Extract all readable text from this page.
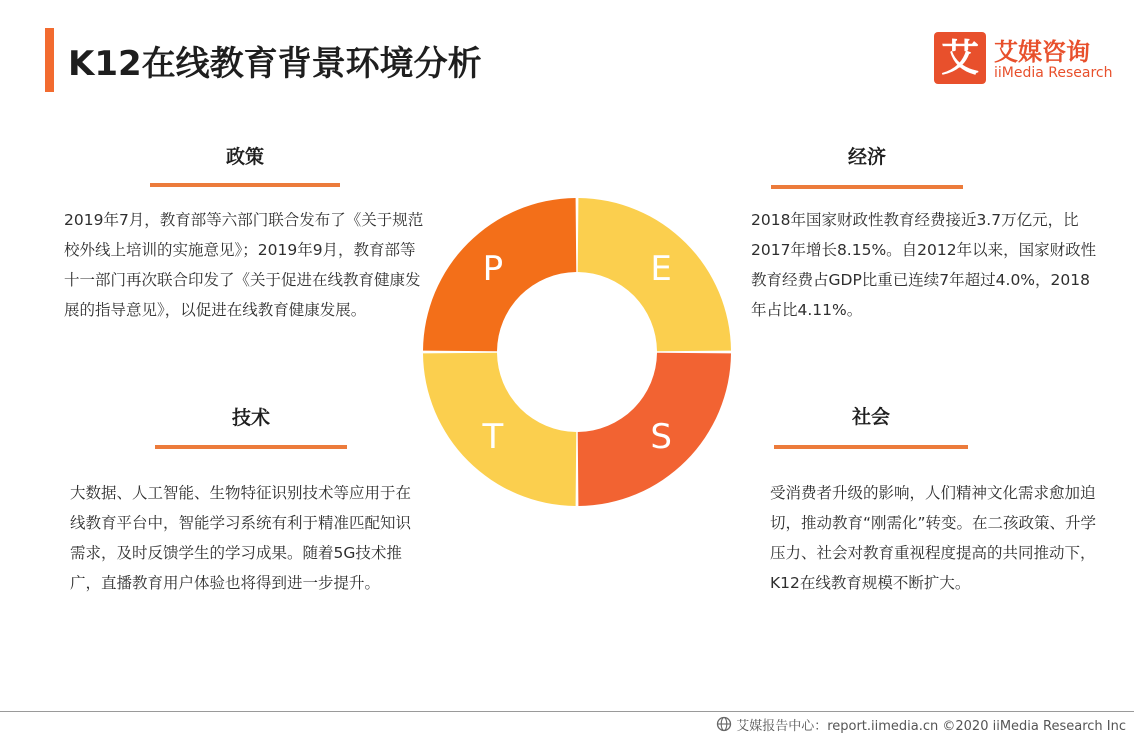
K12在线教育背景环境分析	艾 艾媒咨询
iiMedia Research
政策
2019年7月，教育部等六部门联合发布了《关于规范校外线上培训的实施意见》；2019年9月，教育部等十一部门再次联合印发了《关于促进在线教育健康发展的指导意见》，以促进在线教育健康发展。
经济
2018年国家财政性教育经费接近3.7万亿元，比2017年增长8.15%。自2012年以来，国家财政性教育经费占GDP比重已连续7年超过4.0%，2018年占比4.11%。
技术
大数据、人工智能、生物特征识别技术等应用于在线教育平台中，智能学习系统有利于精准匹配知识需求，及时反馈学生的学习成果。随着5G技术推广，直播教育用户体验也将得到进一步提升。
社会
受消费者升级的影响，人们精神文化需求愈加迫切，推动教育“刚需化”转变。在二孩政策、升学压力、社会对教育重视程度提高的共同推动下，K12在线教育规模不断扩大。
P	E
S
T
艾媒报告中心：report.iimedia.cn ©2020 iiMedia Research Inc
